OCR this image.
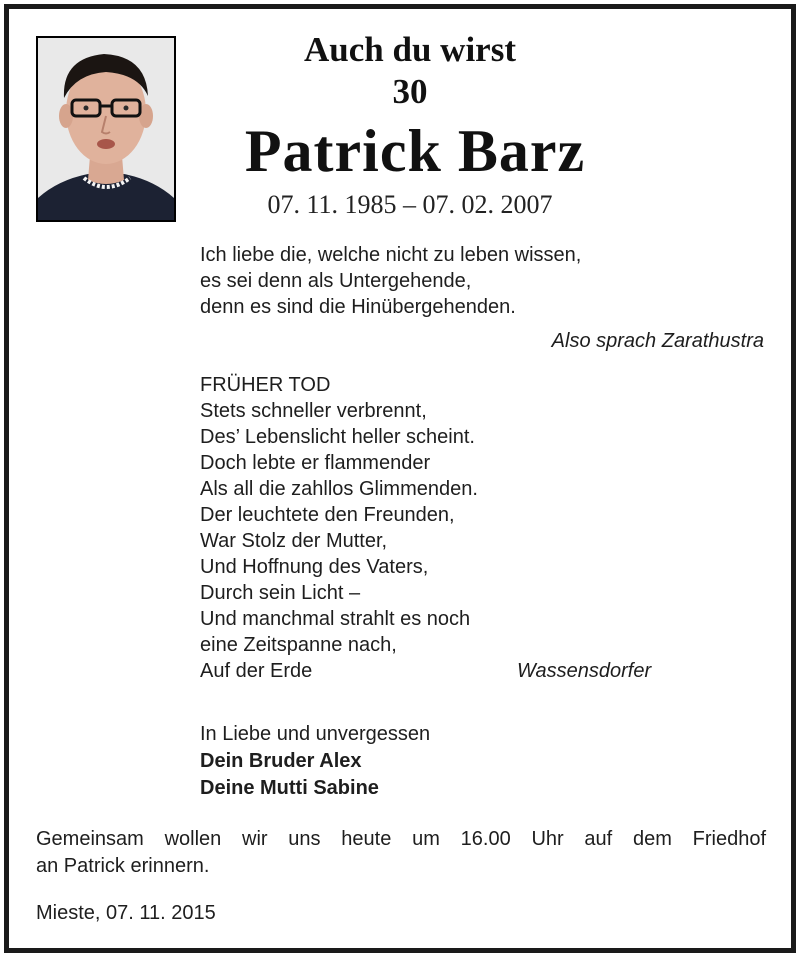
Auch du wirst
30
Patrick Barz
07. 11. 1985 – 07. 02. 2007
Ich liebe die, welche nicht zu leben wissen,
es sei denn als Untergehende,
denn es sind die Hinübergehenden.
Also sprach Zarathustra
FRÜHER TOD
Stets schneller verbrennt,
Des’ Lebenslicht heller scheint.
Doch lebte er flammender
Als all die zahllos Glimmenden.
Der leuchtete den Freunden,
War Stolz der Mutter,
Und Hoffnung des Vaters,
Durch sein Licht –
Und manchmal strahlt es noch
eine Zeitspanne nach,
Auf der Erde	Wassensdorfer
In Liebe und unvergessen
Dein Bruder Alex
Deine Mutti Sabine
Gemeinsam wollen wir uns heute um 16.00 Uhr auf dem Friedhof
an Patrick erinnern.
Mieste, 07. 11. 2015
